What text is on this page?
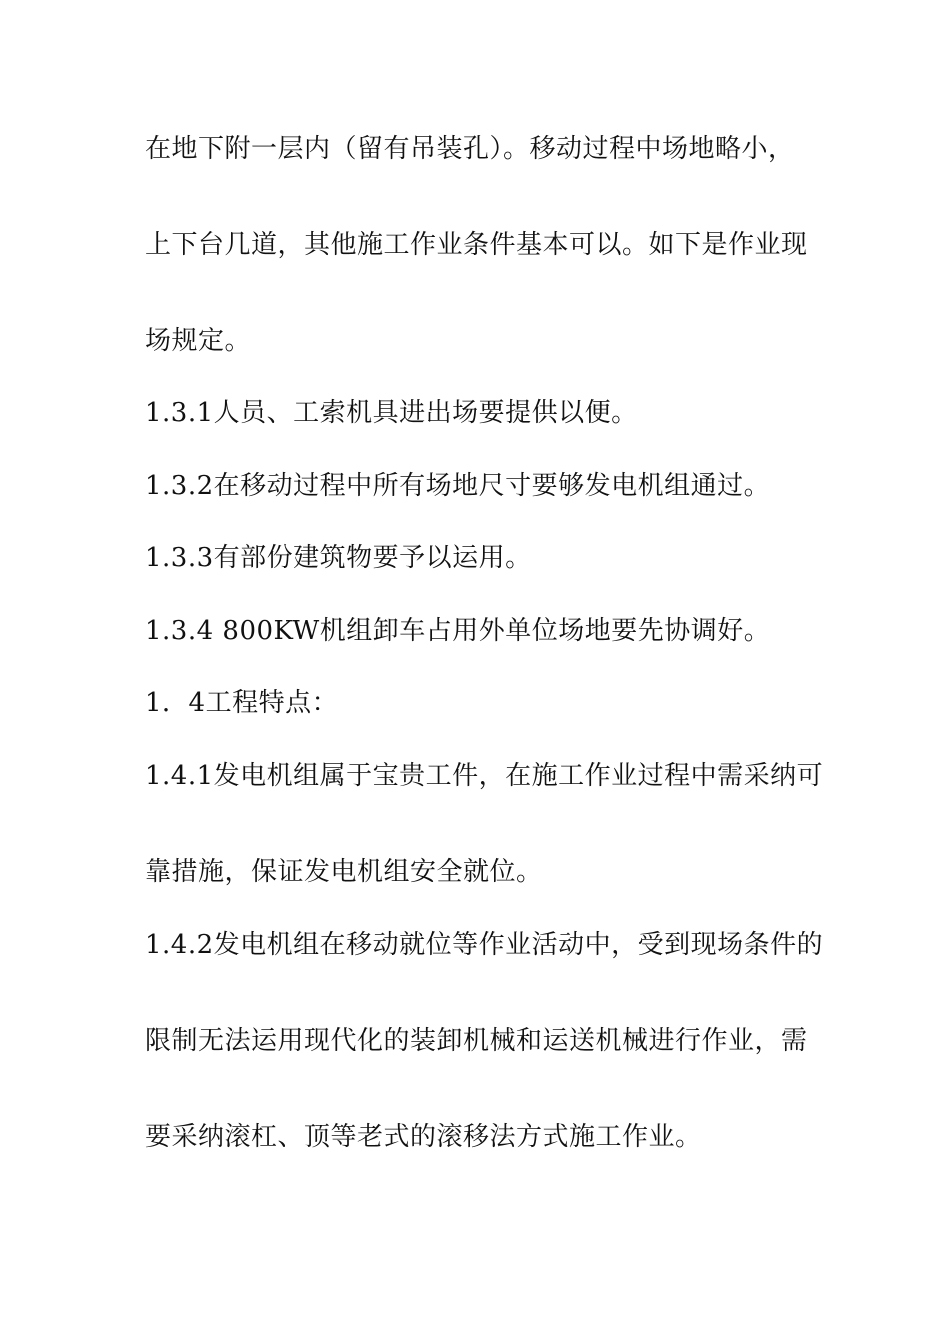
在地下附一层内（留有吊装孔）。移动过程中场地略小，
上下台几道，其他施工作业条件基本可以。如下是作业现
场规定。
1.3.1人员、工索机具进出场要提供以便。
1.3.2在移动过程中所有场地尺寸要够发电机组通过。
1.3.3有部份建筑物要予以运用。
1.3.4 800KW机组卸车占用外单位场地要先协调好。
1．4工程特点：
1.4.1发电机组属于宝贵工件，在施工作业过程中需采纳可
靠措施，保证发电机组安全就位。
1.4.2发电机组在移动就位等作业活动中，受到现场条件的
限制无法运用现代化的装卸机械和运送机械进行作业，需
要采纳滚杠、顶等老式的滚移法方式施工作业。
